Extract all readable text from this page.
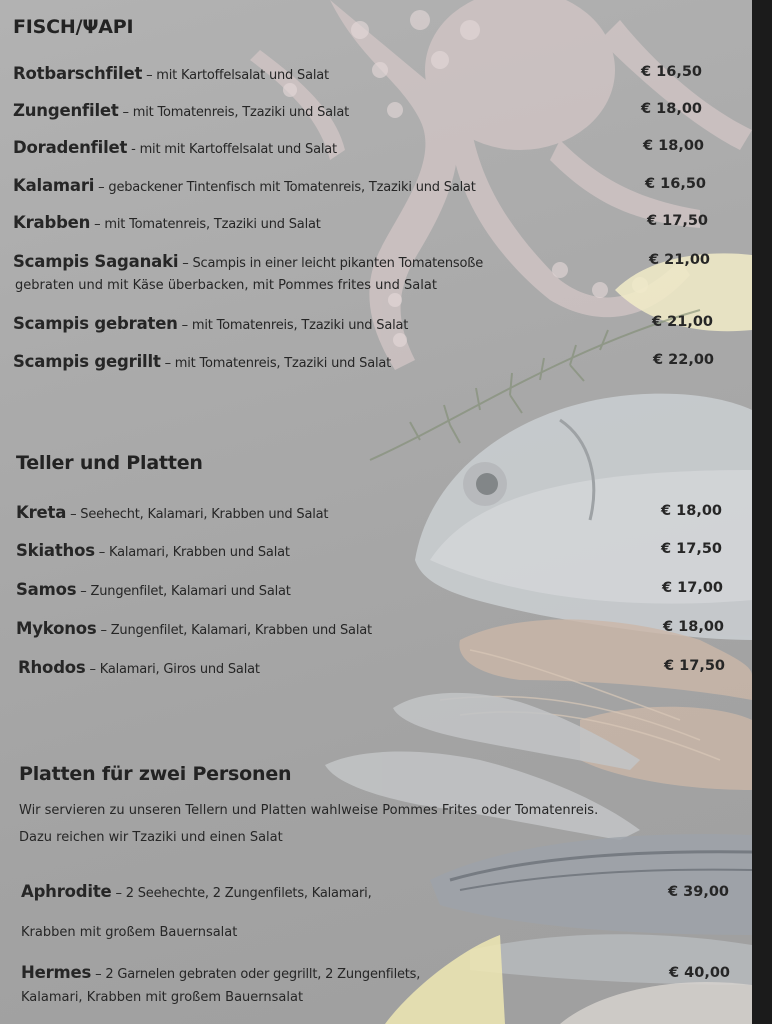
FISCH/ΨAPI
Rotbarschfilet – mit Kartoffelsalat und Salat	€ 16,50
Zungenfilet – mit Tomatenreis, Tzaziki und Salat	€ 18,00
Doradenfilet - mit mit Kartoffelsalat und Salat	€ 18,00
Kalamari – gebackener Tintenfisch mit Tomatenreis, Tzaziki und Salat	€ 16,50
Krabben – mit Tomatenreis, Tzaziki und Salat	€ 17,50
Scampis Saganaki – Scampis in einer leicht pikanten Tomatensoße
gebraten und mit Käse überbacken, mit Pommes frites und Salat
€ 21,00
Scampis gebraten – mit Tomatenreis, Tzaziki und Salat	€ 21,00
Scampis gegrillt – mit Tomatenreis, Tzaziki und Salat	€ 22,00
Teller und Platten
Kreta – Seehecht, Kalamari, Krabben und Salat	€ 18,00
Skiathos – Kalamari, Krabben und Salat	€ 17,50
Samos – Zungenfilet, Kalamari und Salat	€ 17,00
Mykonos – Zungenfilet, Kalamari, Krabben und Salat	€ 18,00
Rhodos – Kalamari, Giros und Salat	€ 17,50
Platten für zwei Personen
Wir servieren zu unseren Tellern und Platten wahlweise Pommes Frites oder Tomatenreis.
Dazu reichen wir Tzaziki und einen Salat
Aphrodite – 2 Seehechte, 2 Zungenfilets, Kalamari,
Krabben mit großem Bauernsalat
€ 39,00
Hermes – 2 Garnelen gebraten oder gegrillt, 2 Zungenfilets,
Kalamari, Krabben mit großem Bauernsalat
€ 40,00
